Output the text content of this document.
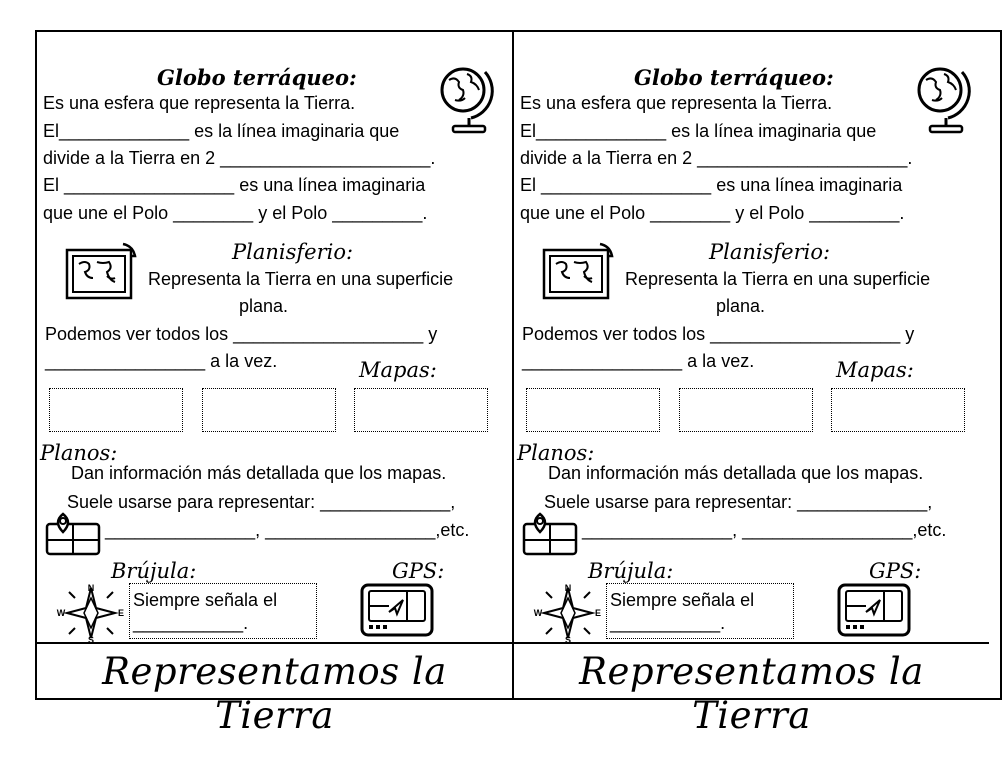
Globo terráqueo:
Es una esfera que representa la Tierra.
El_____________ es la línea imaginaria que
divide a la Tierra en 2 _____________________.
El _________________ es una línea imaginaria
que une el Polo ________ y el Polo _________.
Planisferio:
Representa la Tierra en una superficie
plana.
Podemos ver todos los ___________________ y
________________ a la vez.	Mapas:
Planos:
Dan información más detallada que los mapas.
Suele usarse para representar: _____________,
_______________, _________________,etc.
Brújula:	GPS:
N
E
S
W
Siempre señala el
___________.
Representamos la Tierra
Globo terráqueo:
Es una esfera que representa la Tierra.
El_____________ es la línea imaginaria que
divide a la Tierra en 2 _____________________.
El _________________ es una línea imaginaria
que une el Polo ________ y el Polo _________.
Planisferio:
Representa la Tierra en una superficie
plana.
Podemos ver todos los ___________________ y
________________ a la vez.	Mapas:
Planos:
Dan información más detallada que los mapas.
Suele usarse para representar: _____________,
_______________, _________________,etc.
Brújula:	GPS:
N
E
S
W
Siempre señala el
___________.
Representamos la Tierra
